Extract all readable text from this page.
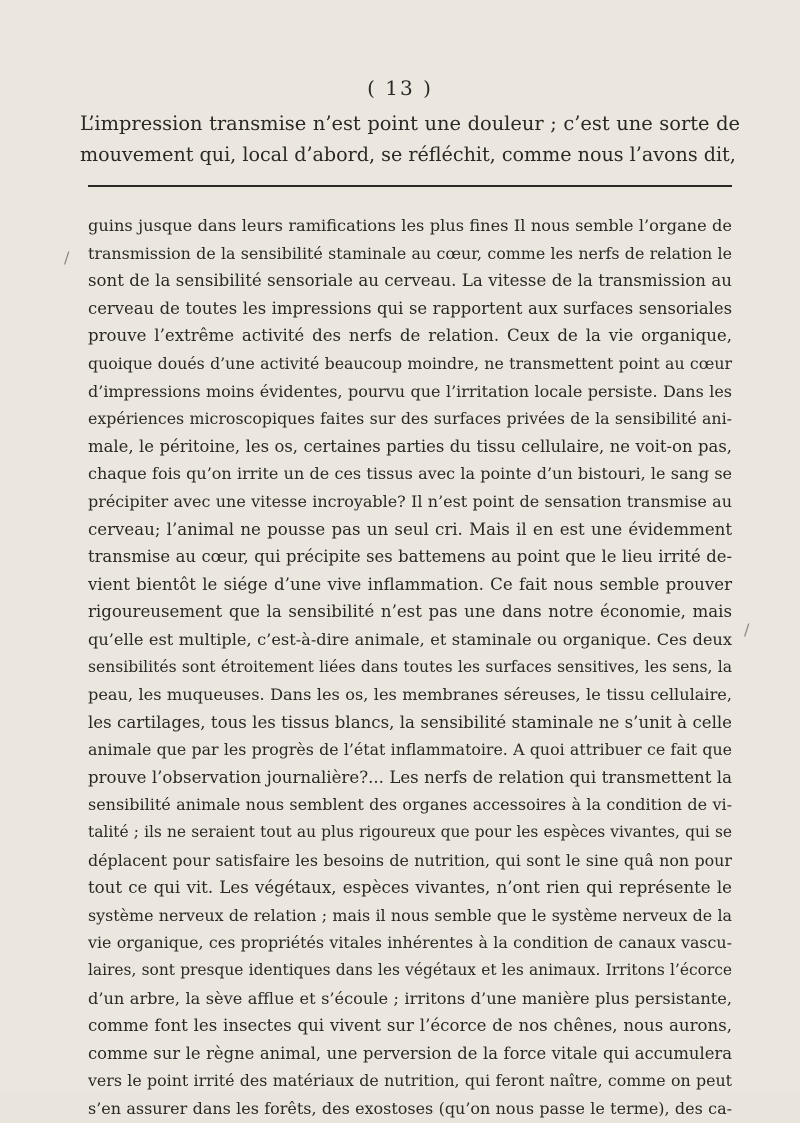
( 13 )

L’impression transmise n’est point une douleur ; c’est une sorte de

mouvement qui, local d’abord, se réfléchit, comme nous l’avons dit,

guins jusque dans leurs ramifications les plus fines Il nous semble l’organe de

transmission de la sensibilité staminale au cœur, comme les nerfs de relation le

sont de la sensibilité sensoriale au cerveau. La vitesse de la transmission au

cerveau de toutes les impressions qui se rapportent aux surfaces sensoriales

prouve l’extrême activité des nerfs de relation. Ceux de la vie organique,

quoique doués d’une activité beaucoup moindre, ne transmettent point au cœur

d’impressions moins évidentes, pourvu que l’irritation locale persiste. Dans les

expériences microscopiques faites sur des surfaces privées de la sensibilité ani-

male, le péritoine, les os, certaines parties du tissu cellulaire, ne voit-on pas,

chaque fois qu’on irrite un de ces tissus avec la pointe d’un bistouri, le sang se

précipiter avec une vitesse incroyable? Il n’est point de sensation transmise au

cerveau; l’animal ne pousse pas un seul cri. Mais il en est une évidemment

transmise au cœur, qui précipite ses battemens au point que le lieu irrité de-

vient bientôt le siége d’une vive inflammation. Ce fait nous semble prouver

rigoureusement que la sensibilité n’est pas une dans notre économie, mais

qu’elle est multiple, c’est-à-dire animale, et staminale ou organique. Ces deux

sensibilités sont étroitement liées dans toutes les surfaces sensitives, les sens, la

peau, les muqueuses. Dans les os, les membranes séreuses, le tissu cellulaire,

les cartilages, tous les tissus blancs, la sensibilité staminale ne s’unit à celle

animale que par les progrès de l’état inflammatoire. A quoi attribuer ce fait que

prouve l’observation journalière?... Les nerfs de relation qui transmettent la

sensibilité animale nous semblent des organes accessoires à la condition de vi-

talité ; ils ne seraient tout au plus rigoureux que pour les espèces vivantes, qui se

déplacent pour satisfaire les besoins de nutrition, qui sont le sine quâ non pour

tout ce qui vit. Les végétaux, espèces vivantes, n’ont rien qui représente le

système nerveux de relation ; mais il nous semble que le système nerveux de la

vie organique, ces propriétés vitales inhérentes à la condition de canaux vascu-

laires, sont presque identiques dans les végétaux et les animaux. Irritons l’écorce

d’un arbre, la sève afflue et s’écoule ; irritons d’une manière plus persistante,

comme font les insectes qui vivent sur l’écorce de nos chênes, nous aurons,

comme sur le règne animal, une perversion de la force vitale qui accumulera

vers le point irrité des matériaux de nutrition, qui feront naître, comme on peut

s’en assurer dans les forêts, des exostoses (qu’on nous passe le terme), des ca-

/
/
